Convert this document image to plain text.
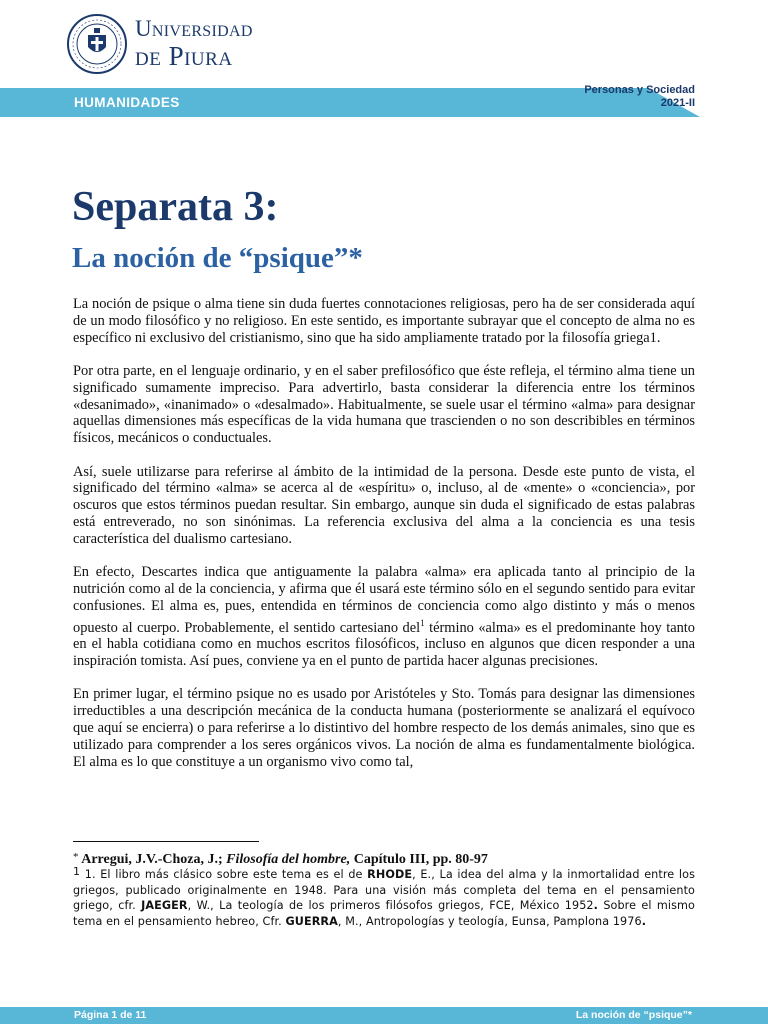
Universidad
de Piura
HUMANIDADES
Personas y Sociedad
2021-II
Separata 3:
La noción de “psique”*

La noción de psique o alma tiene sin duda fuertes connotaciones religiosas, pero ha de ser considerada aquí de un modo filosófico y no religioso. En este sentido, es importante subrayar que el concepto de alma no es específico ni exclusivo del cristianismo, sino que ha sido ampliamente tratado por la filosofía griega1.

Por otra parte, en el lenguaje ordinario, y en el saber prefilosófico que éste refleja, el término alma tiene un significado sumamente impreciso. Para advertirlo, basta considerar la diferencia entre los términos «desanimado», «inanimado» o «desalmado». Habitualmente, se suele usar el término «alma» para designar aquellas dimensiones más específicas de la vida humana que trascienden o no son describibles en términos físicos, mecánicos o conductuales.

Así, suele utilizarse para referirse al ámbito de la intimidad de la persona. Desde este punto de vista, el significado del término «alma» se acerca al de «espíritu» o, incluso, al de «mente» o «conciencia», por oscuros que estos términos puedan resultar. Sin embargo, aunque sin duda el significado de estas palabras está entreverado, no son sinónimas. La referencia exclusiva del alma a la conciencia es una tesis característica del dualismo cartesiano.

En efecto, Descartes indica que antiguamente la palabra «alma» era aplicada tanto al principio de la nutrición como al de la conciencia, y afirma que él usará este término sólo en el segundo sentido para evitar confusiones. El alma es, pues, entendida en términos de conciencia como algo distinto y más o menos opuesto al cuerpo. Probablemente, el sentido cartesiano del$^1$ término «alma» es el predominante hoy tanto en el habla cotidiana como en muchos escritos filosóficos, incluso en algunos que dicen responder a una inspiración tomista. Así pues, conviene ya en el punto de partida hacer algunas precisiones.

En primer lugar, el término psique no es usado por Aristóteles y Sto. Tomás para designar las dimensiones irreductibles a una descripción mecánica de la conducta humana (posteriormente se analizará el equívoco que aquí se encierra) o para referirse a lo distintivo del hombre respecto de los demás animales, sino que es utilizado para comprender a los seres orgánicos vivos. La noción de alma es fundamentalmente biológica. El alma es lo que constituye a un organismo vivo como tal,

* Arregui, J.V.-Choza, J.; Filosofía del hombre, Capítulo III, pp. 80-97
$^1$ 1. El libro más clásico sobre este tema es el de RHODE, E., La idea del alma y la inmortalidad entre los griegos, publicado originalmente en 1948. Para una visión más completa del tema en el pensamiento griego, cfr. JAEGER, W., La teología de los primeros filósofos griegos, FCE, México 1952. Sobre el mismo tema en el pensamiento hebreo, Cfr. GUERRA, M., Antropologías y teología, Eunsa, Pamplona 1976.
Página 1 de 11	La noción de “psique”*
